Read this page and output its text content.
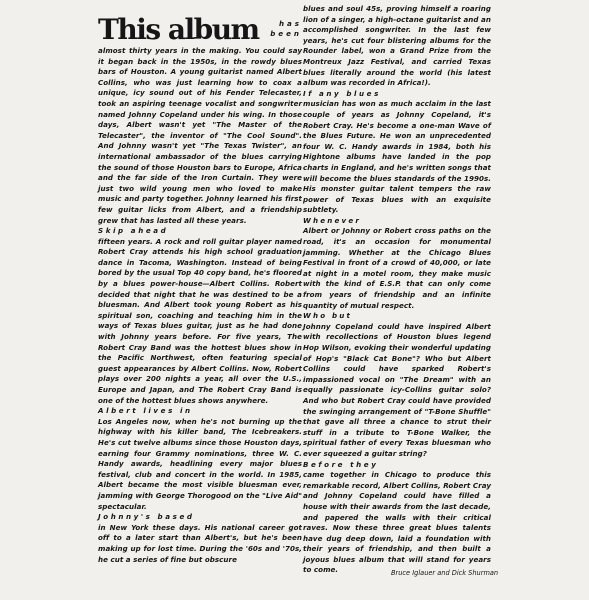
This album	has been

almost thirty years in the making. You could say it began back in the 1950s, in the rowdy blues bars of Houston. A young guitarist named Albert Collins, who was just learning how to coax a unique, icy sound out of his Fender Telecaster, took an aspiring teenage vocalist and songwriter named Johnny Copeland under his wing. In those days, Albert wasn't yet "The Master of the Telecaster", the inventor of "The Cool Sound". And Johnny wasn't yet "The Texas Twister", an international ambassador of the blues carrying the sound of those Houston bars to Europe, Africa and the far side of the Iron Curtain. They were just two wild young men who loved to make music and party together. Johnny learned his first few guitar licks from Albert, and a friendship grew that has lasted all these years.

Skip ahead

fifteen years. A rock and roll guitar player named Robert Cray attends his high school graduation dance in Tacoma, Washington. Instead of being bored by the usual Top 40 copy band, he's floored by a blues power-house—Albert Collins. Robert decided that night that he was destined to be a bluesman. And Albert took young Robert as his spiritual son, coaching and teaching him in the ways of Texas blues guitar, just as he had done with Johnny years before. For five years, The Robert Cray Band was the hottest blues show in the Pacific Northwest, often featuring special guest appearances by Albert Collins. Now, Robert plays over 200 nights a year, all over the U.S., Europe and Japan, and The Robert Cray Band is one of the hottest blues shows anywhere.

Albert lives in

Los Angeles now, when he's not burning up the highway with his killer band, The Icebreakers. He's cut twelve albums since those Houston days, earning four Grammy nominations, three W. C. Handy awards, headlining every major blues festival, club and concert in the world. In 1985, Albert became the most visible bluesman ever, jamming with George Thorogood on the "Live Aid" spectacular.

Johnny's based

in New York these days. His national career got off to a later start than Albert's, but he's been making up for lost time. During the '60s and '70s, he cut a series of fine but obscure

blues and soul 45s, proving himself a roaring lion of a singer, a high-octane guitarist and an accomplished songwriter. In the last few years, he's cut four blistering albums for the Rounder label, won a Grand Prize from the Montreux Jazz Festival, and carried Texas blues literally around the world (his latest album was recorded in Africa!).

If any blues

musician has won as much acclaim in the last couple of years as Johnny Copeland, it's Robert Cray. He's become a one-man Wave of the Blues Future. He won an unprecedented four W. C. Handy awards in 1984, both his Hightone albums have landed in the pop charts in England, and he's written songs that will become the blues standards of the 1990s. His monster guitar talent tempers the raw power of Texas blues with an exquisite subtlety.

Whenever

Albert or Johnny or Robert cross paths on the road, it's an occasion for monumental jamming. Whether at the Chicago Blues Festival in front of a crowd of 40,000, or late at night in a motel room, they make music with the kind of E.S.P. that can only come from years of friendship and an infinite quantity of mutual respect.

Who but

Johnny Copeland could have inspired Albert with recollections of Houston blues legend Hop Wilson, evoking their wonderful updating of Hop's "Black Cat Bone"? Who but Albert Collins could have sparked Robert's impassioned vocal on "The Dream" with an equally passionate icy-Collins guitar solo? And who but Robert Cray could have provided the swinging arrangement of "T-Bone Shuffle" that gave all three a chance to strut their stuff in a tribute to T-Bone Walker, the spiritual father of every Texas bluesman who ever squeezed a guitar string?

Before they

came together in Chicago to produce this remarkable record, Albert Collins, Robert Cray and Johnny Copeland could have filled a house with their awards from the last decade, and papered the walls with their critical raves. Now these three great blues talents have dug deep down, laid a foundation with their years of friendship, and then built a joyous blues album that will stand for years to come.	Bruce Iglauer and Dick Shurman
